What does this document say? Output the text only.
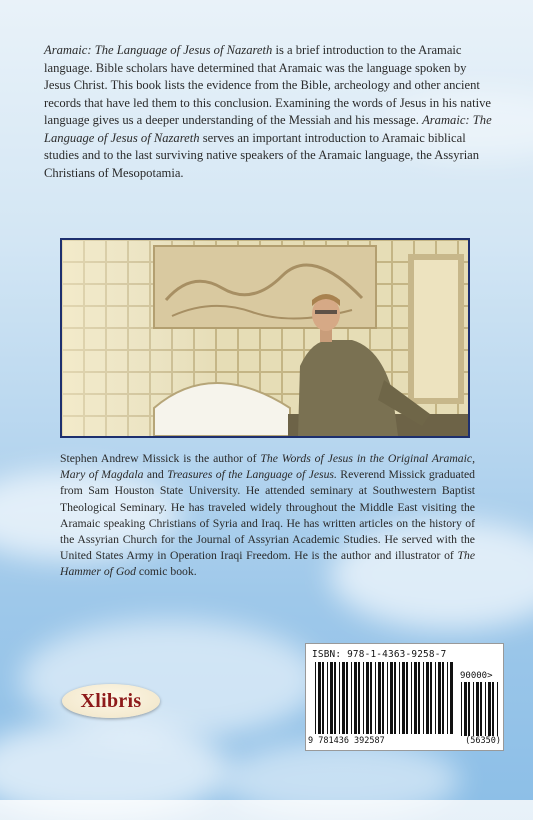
Aramaic: The Language of Jesus of Nazareth is a brief introduction to the Aramaic language. Bible scholars have determined that Aramaic was the language spoken by Jesus Christ. This book lists the evidence from the Bible, archeology and other ancient records that have led them to this conclusion. Examining the words of Jesus in his native language gives us a deeper understanding of the Messiah and his message. Aramaic: The Language of Jesus of Nazareth serves an important introduction to Aramaic biblical studies and to the last surviving native speakers of the Aramaic language, the Assyrian Christians of Mesopotamia.

Stephen Andrew Missick is the author of The Words of Jesus in the Original Aramaic, Mary of Magdala and Treasures of the Language of Jesus. Reverend Missick graduated from Sam Houston State University. He attended seminary at Southwestern Baptist Theological Seminary. He has traveled widely throughout the Middle East visiting the Aramaic speaking Christians of Syria and Iraq. He has written articles on the history of the Assyrian Church for the Journal of Assyrian Academic Studies. He served with the United States Army in Operation Iraqi Freedom. He is the author and illustrator of The Hammer of God comic book.

Xlibris
ISBN: 978-1-4363-9258-7
90000>
9 781436 392587	(56350)
